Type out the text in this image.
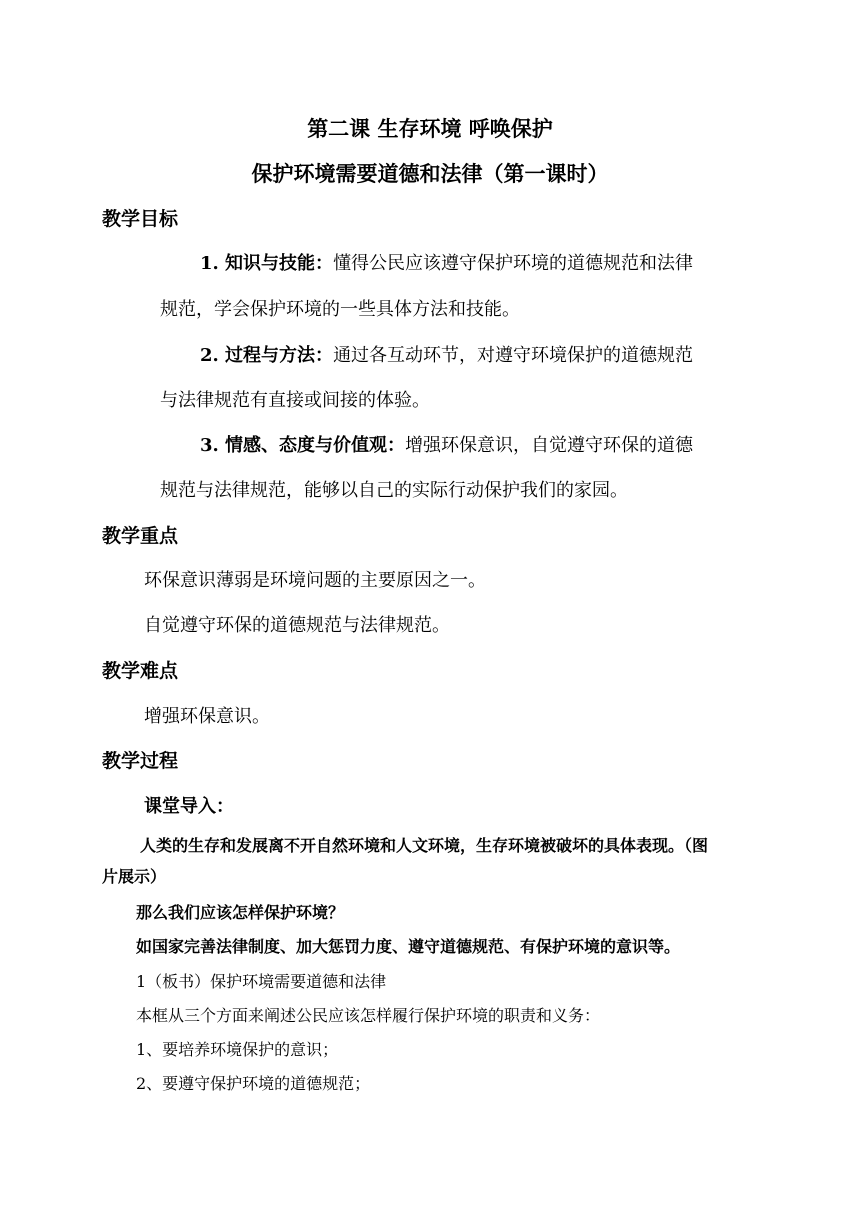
第二课 生存环境 呼唤保护
保护环境需要道德和法律（第一课时）
教学目标
1. 知识与技能：懂得公民应该遵守保护环境的道德规范和法律
规范，学会保护环境的一些具体方法和技能。
2. 过程与方法：通过各互动环节，对遵守环境保护的道德规范
与法律规范有直接或间接的体验。
3. 情感、态度与价值观：增强环保意识，自觉遵守环保的道德
规范与法律规范，能够以自己的实际行动保护我们的家园。
教学重点
环保意识薄弱是环境问题的主要原因之一。
自觉遵守环保的道德规范与法律规范。
教学难点
增强环保意识。
教学过程
课堂导入：
人类的生存和发展离不开自然环境和人文环境，生存环境被破坏的具体表现。（图
片展示）
那么我们应该怎样保护环境？
如国家完善法律制度、加大惩罚力度、遵守道德规范、有保护环境的意识等。
1（板书）保护环境需要道德和法律
本框从三个方面来阐述公民应该怎样履行保护环境的职责和义务：
1、要培养环境保护的意识；
2、要遵守保护环境的道德规范；
